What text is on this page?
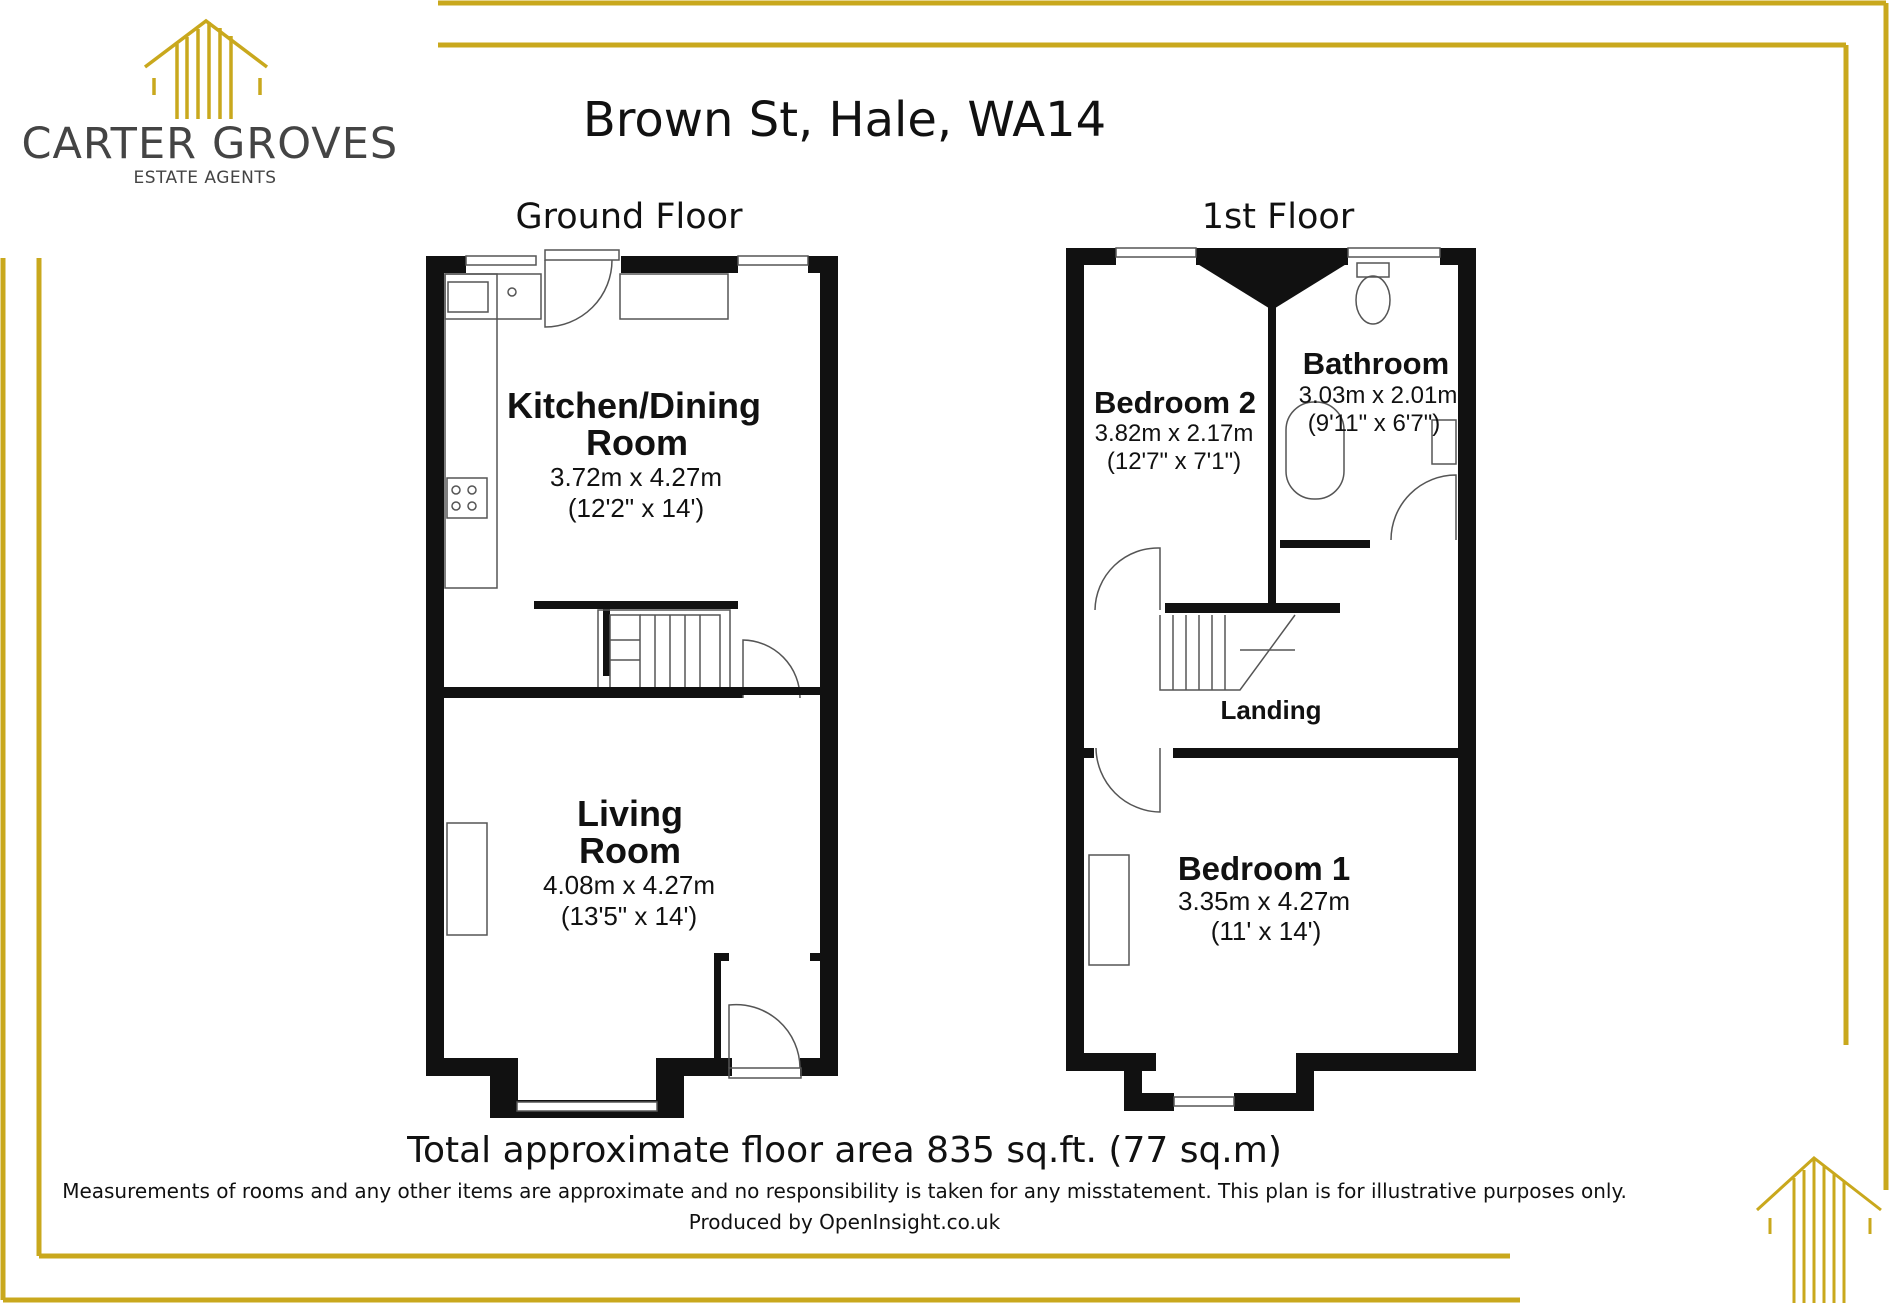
CARTER GROVES
ESTATE AGENTS
Brown St, Hale, WA14
Ground Floor	1st Floor
Kitchen/Dining
Room
3.72m x 4.27m
(12'2" x 14')
Living
Room
4.08m x 4.27m
(13'5" x 14')
Bedroom 2
3.82m x 2.17m
(12'7" x 7'1")
Bathroom
3.03m x 2.01m
(9'11" x 6'7")
Landing
Bedroom 1
3.35m x 4.27m
(11' x 14')
Total approximate floor area 835 sq.ft. (77 sq.m)
Measurements of rooms and any other items are approximate and no responsibility is taken for any misstatement. This plan is for illustrative purposes only.
Produced by OpenInsight.co.uk
